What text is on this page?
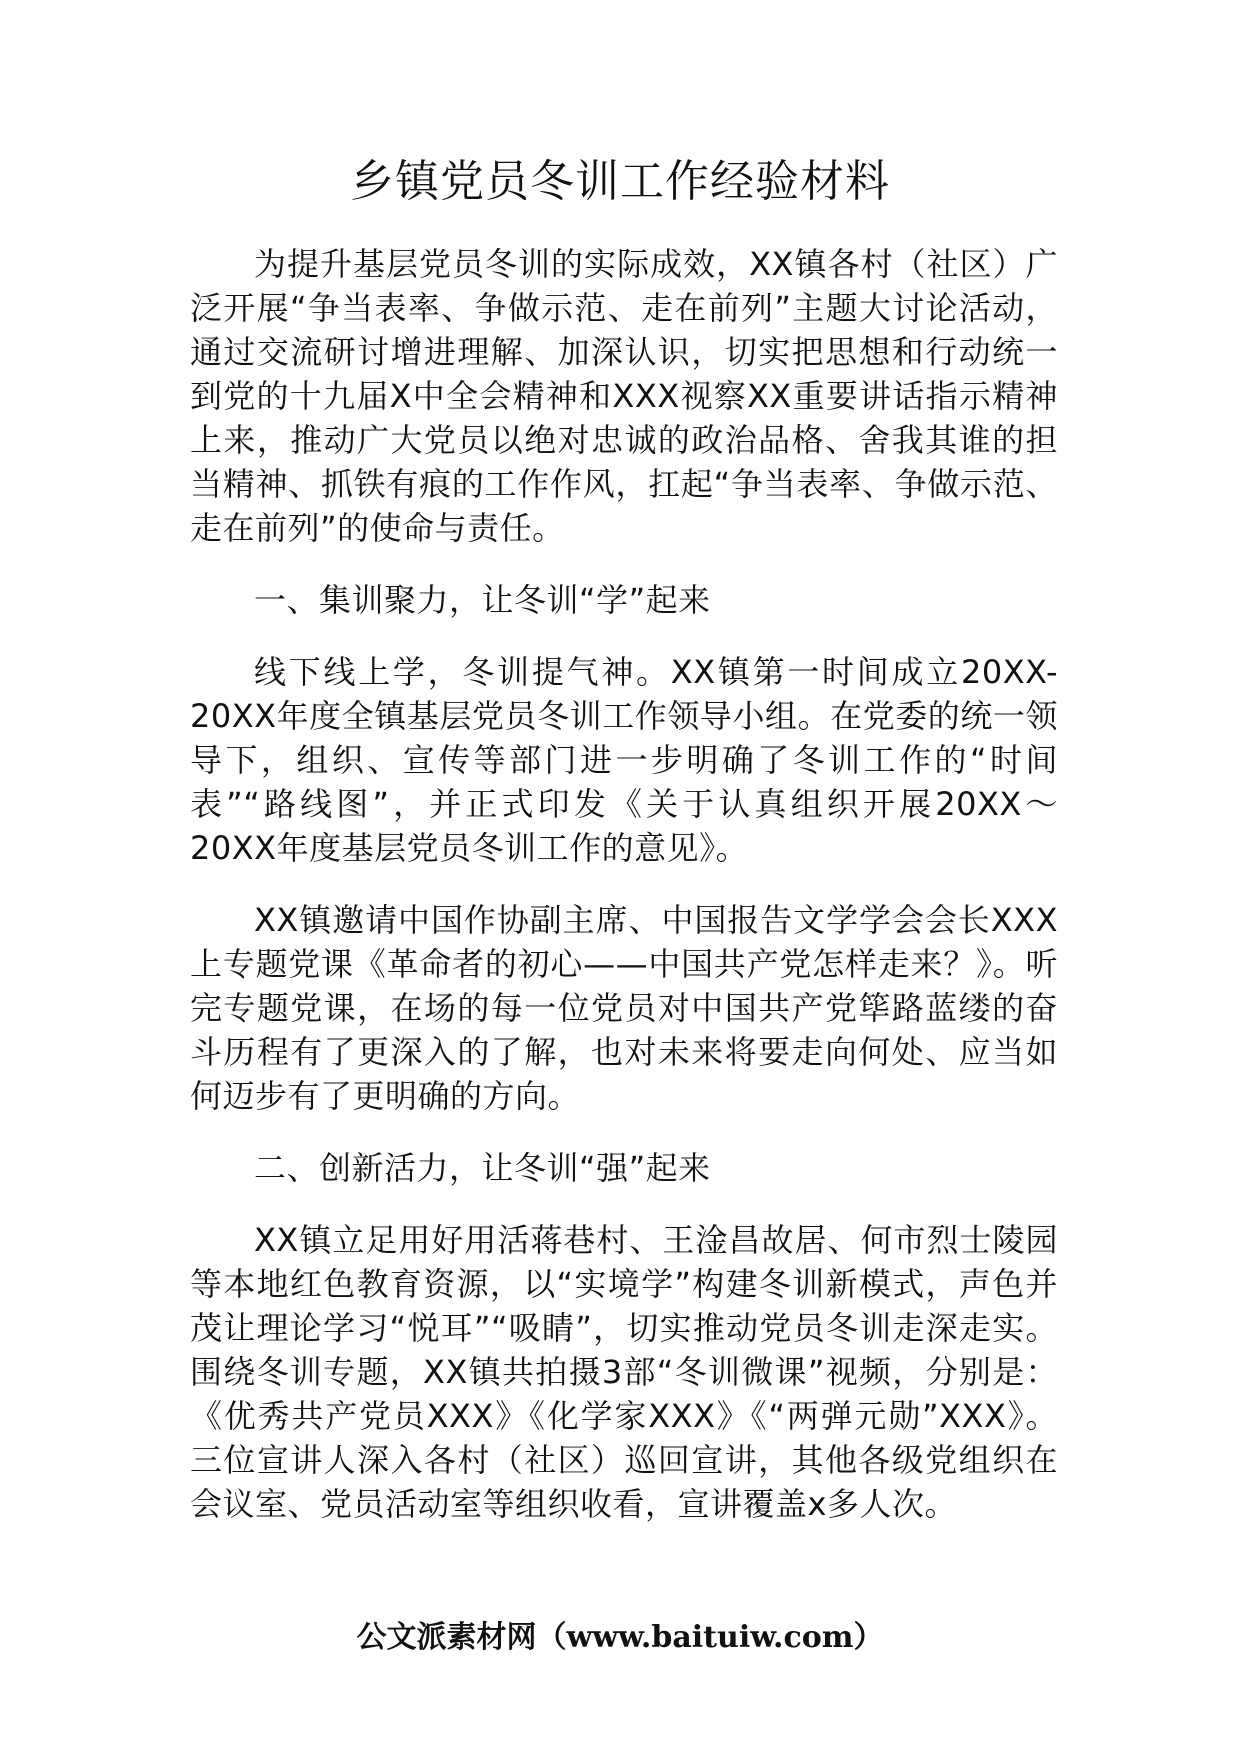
乡镇党员冬训工作经验材料

为提升基层党员冬训的实际成效，XX镇各村（社区）广泛开展“争当表率、争做示范、走在前列”主题大讨论活动，通过交流研讨增进理解、加深认识，切实把思想和行动统一到党的十九届X中全会精神和XXX视察XX重要讲话指示精神上来，推动广大党员以绝对忠诚的政治品格、舍我其谁的担当精神、抓铁有痕的工作作风，扛起“争当表率、争做示范、走在前列”的使命与责任。

一、集训聚力，让冬训“学”起来

线下线上学，冬训提气神。XX镇第一时间成立20XX-20XX年度全镇基层党员冬训工作领导小组。在党委的统一领导下，组织、宣传等部门进一步明确了冬训工作的“时间表”“路线图”，并正式印发《关于认真组织开展20XX～20XX年度基层党员冬训工作的意见》。

XX镇邀请中国作协副主席、中国报告文学学会会长XXX上专题党课《革命者的初心——中国共产党怎样走来？》。听完专题党课，在场的每一位党员对中国共产党筚路蓝缕的奋斗历程有了更深入的了解，也对未来将要走向何处、应当如何迈步有了更明确的方向。

二、创新活力，让冬训“强”起来

XX镇立足用好用活蒋巷村、王淦昌故居、何市烈士陵园等本地红色教育资源，以“实境学”构建冬训新模式，声色并茂让理论学习“悦耳”“吸睛”，切实推动党员冬训走深走实。围绕冬训专题，XX镇共拍摄3部“冬训微课”视频，分别是：《优秀共产党员XXX》《化学家XXX》《“两弹元勋”XXX》。三位宣讲人深入各村（社区）巡回宣讲，其他各级党组织在会议室、党员活动室等组织收看，宣讲覆盖x多人次。

公文派素材网（www.baituiw.com）
